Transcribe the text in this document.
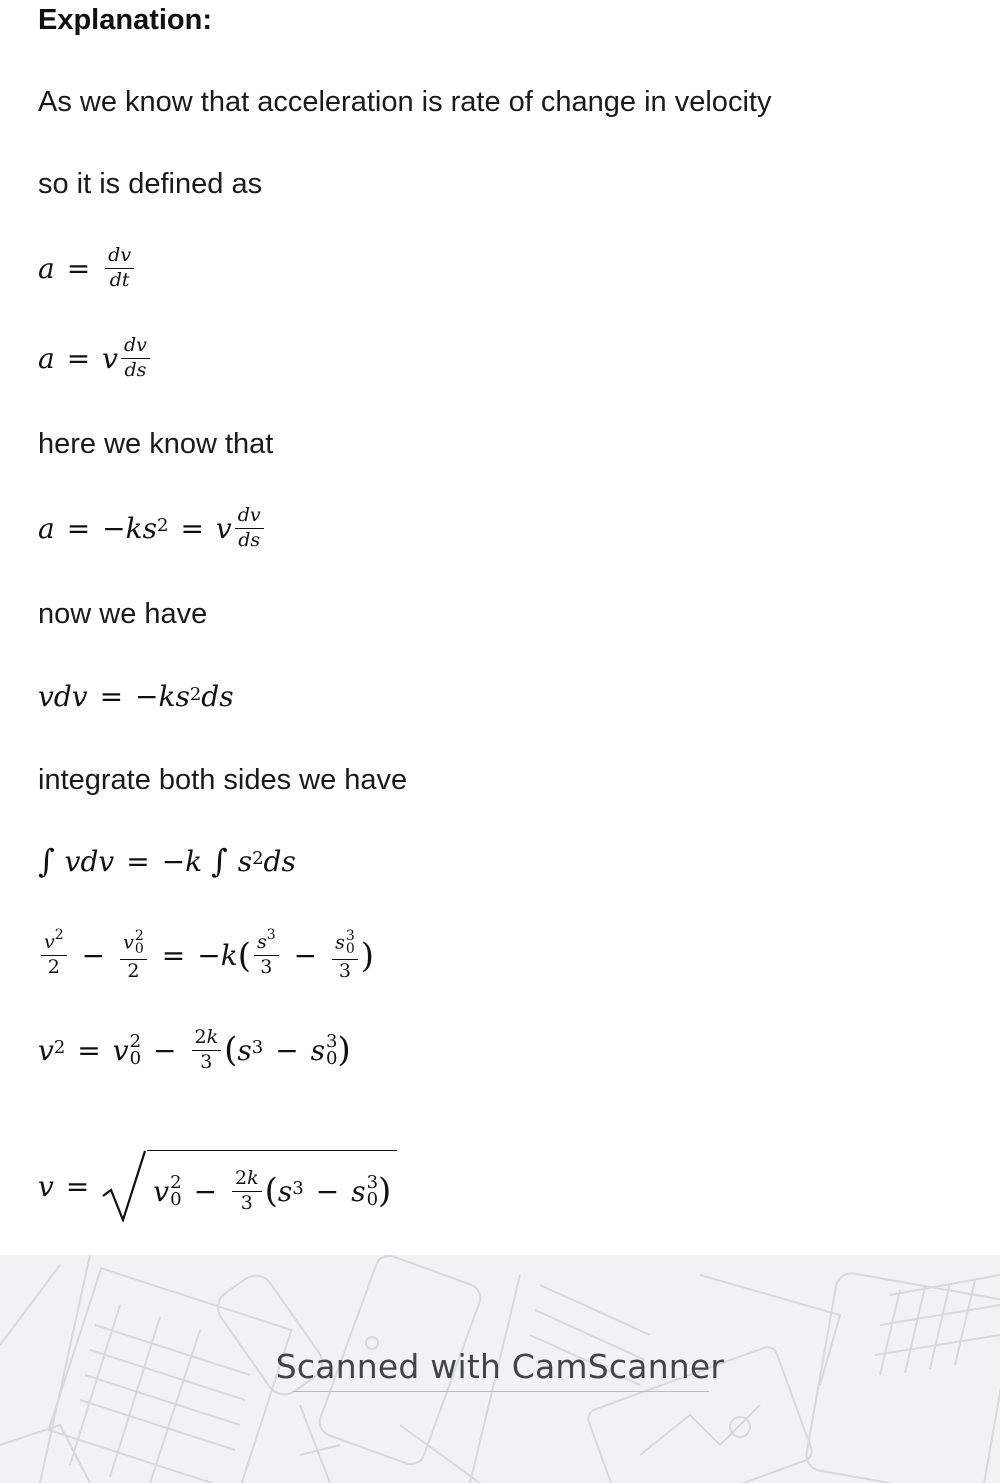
Explanation:
As we know that acceleration is rate of change in velocity
so it is defined as
$a = \frac{dv}{dt}$
a = v $\frac{dv}{ds}$
here we know that
a = − $ks^2 = v \frac{dv}{ds}$
now we have
vdv = − $ks^2$ ds
integrate both sides we have
∫ vdv = − k
∫ $s^2$ ds
$\frac{v^2}{2} - v$ 2
0
2 = − k ( $\frac{s^3}{3} - s$ 3
0
3 )
$v^2 = v$ 2
$0 - \frac{2k}{3}$ ( $s^3 - s$ 3
0 )
v = v 2
$0 - \frac{2k}{3}$ ( $s^3 - s$ 3
0 )
Scanned with CamScanner
